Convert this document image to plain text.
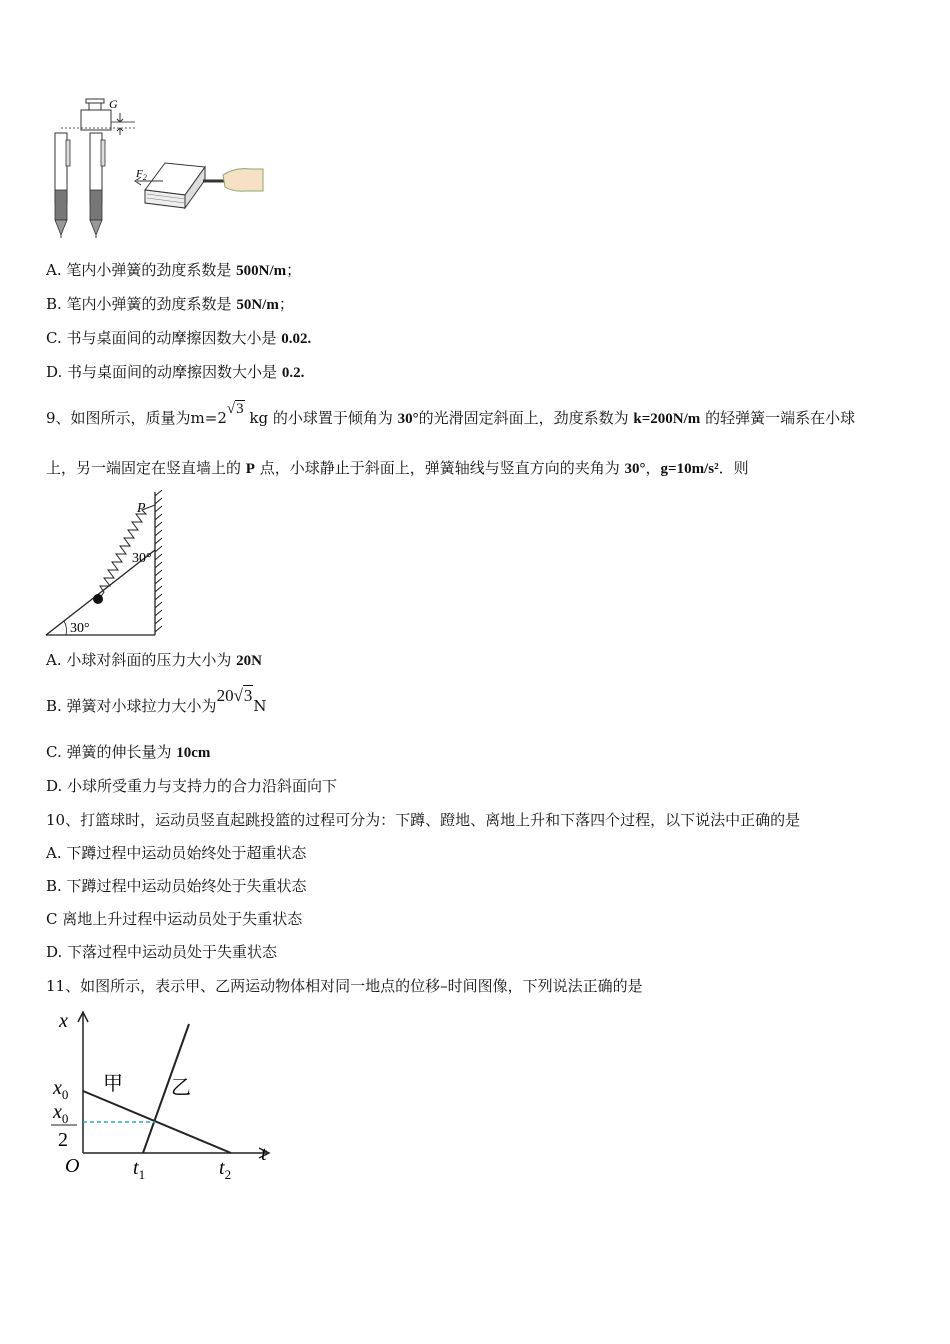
G
$F_2$
A. 笔内小弹簧的劲度系数是 500N/m；
B. 笔内小弹簧的劲度系数是 50N/m；
C. 书与桌面间的动摩擦因数大小是 0.02.
D. 书与桌面间的动摩擦因数大小是 0.2.
9、如图所示，质量为m=2√3 kg 的小球置于倾角为 30°的光滑固定斜面上，劲度系数为 k=200N/m 的轻弹簧一端系在小球
上，另一端固定在竖直墙上的 P 点，小球静止于斜面上，弹簧轴线与竖直方向的夹角为 30°，g=10m/s²．则
P
30°
30°
A. 小球对斜面的压力大小为 20N
B. 弹簧对小球拉力大小为20√3N
C. 弹簧的伸长量为 10cm
D. 小球所受重力与支持力的合力沿斜面向下
10、打篮球时，运动员竖直起跳投篮的过程可分为：下蹲、蹬地、离地上升和下落四个过程，以下说法中正确的是
A. 下蹲过程中运动员始终处于超重状态
B. 下蹲过程中运动员始终处于失重状态
C 离地上升过程中运动员处于失重状态
D. 下落过程中运动员处于失重状态
11、如图所示，表示甲、乙两运动物体相对同一地点的位移–时间图像，下列说法正确的是
x
t
O
$x_0$
$x_0$
2
$t_1$	$t_2$
甲 乙
